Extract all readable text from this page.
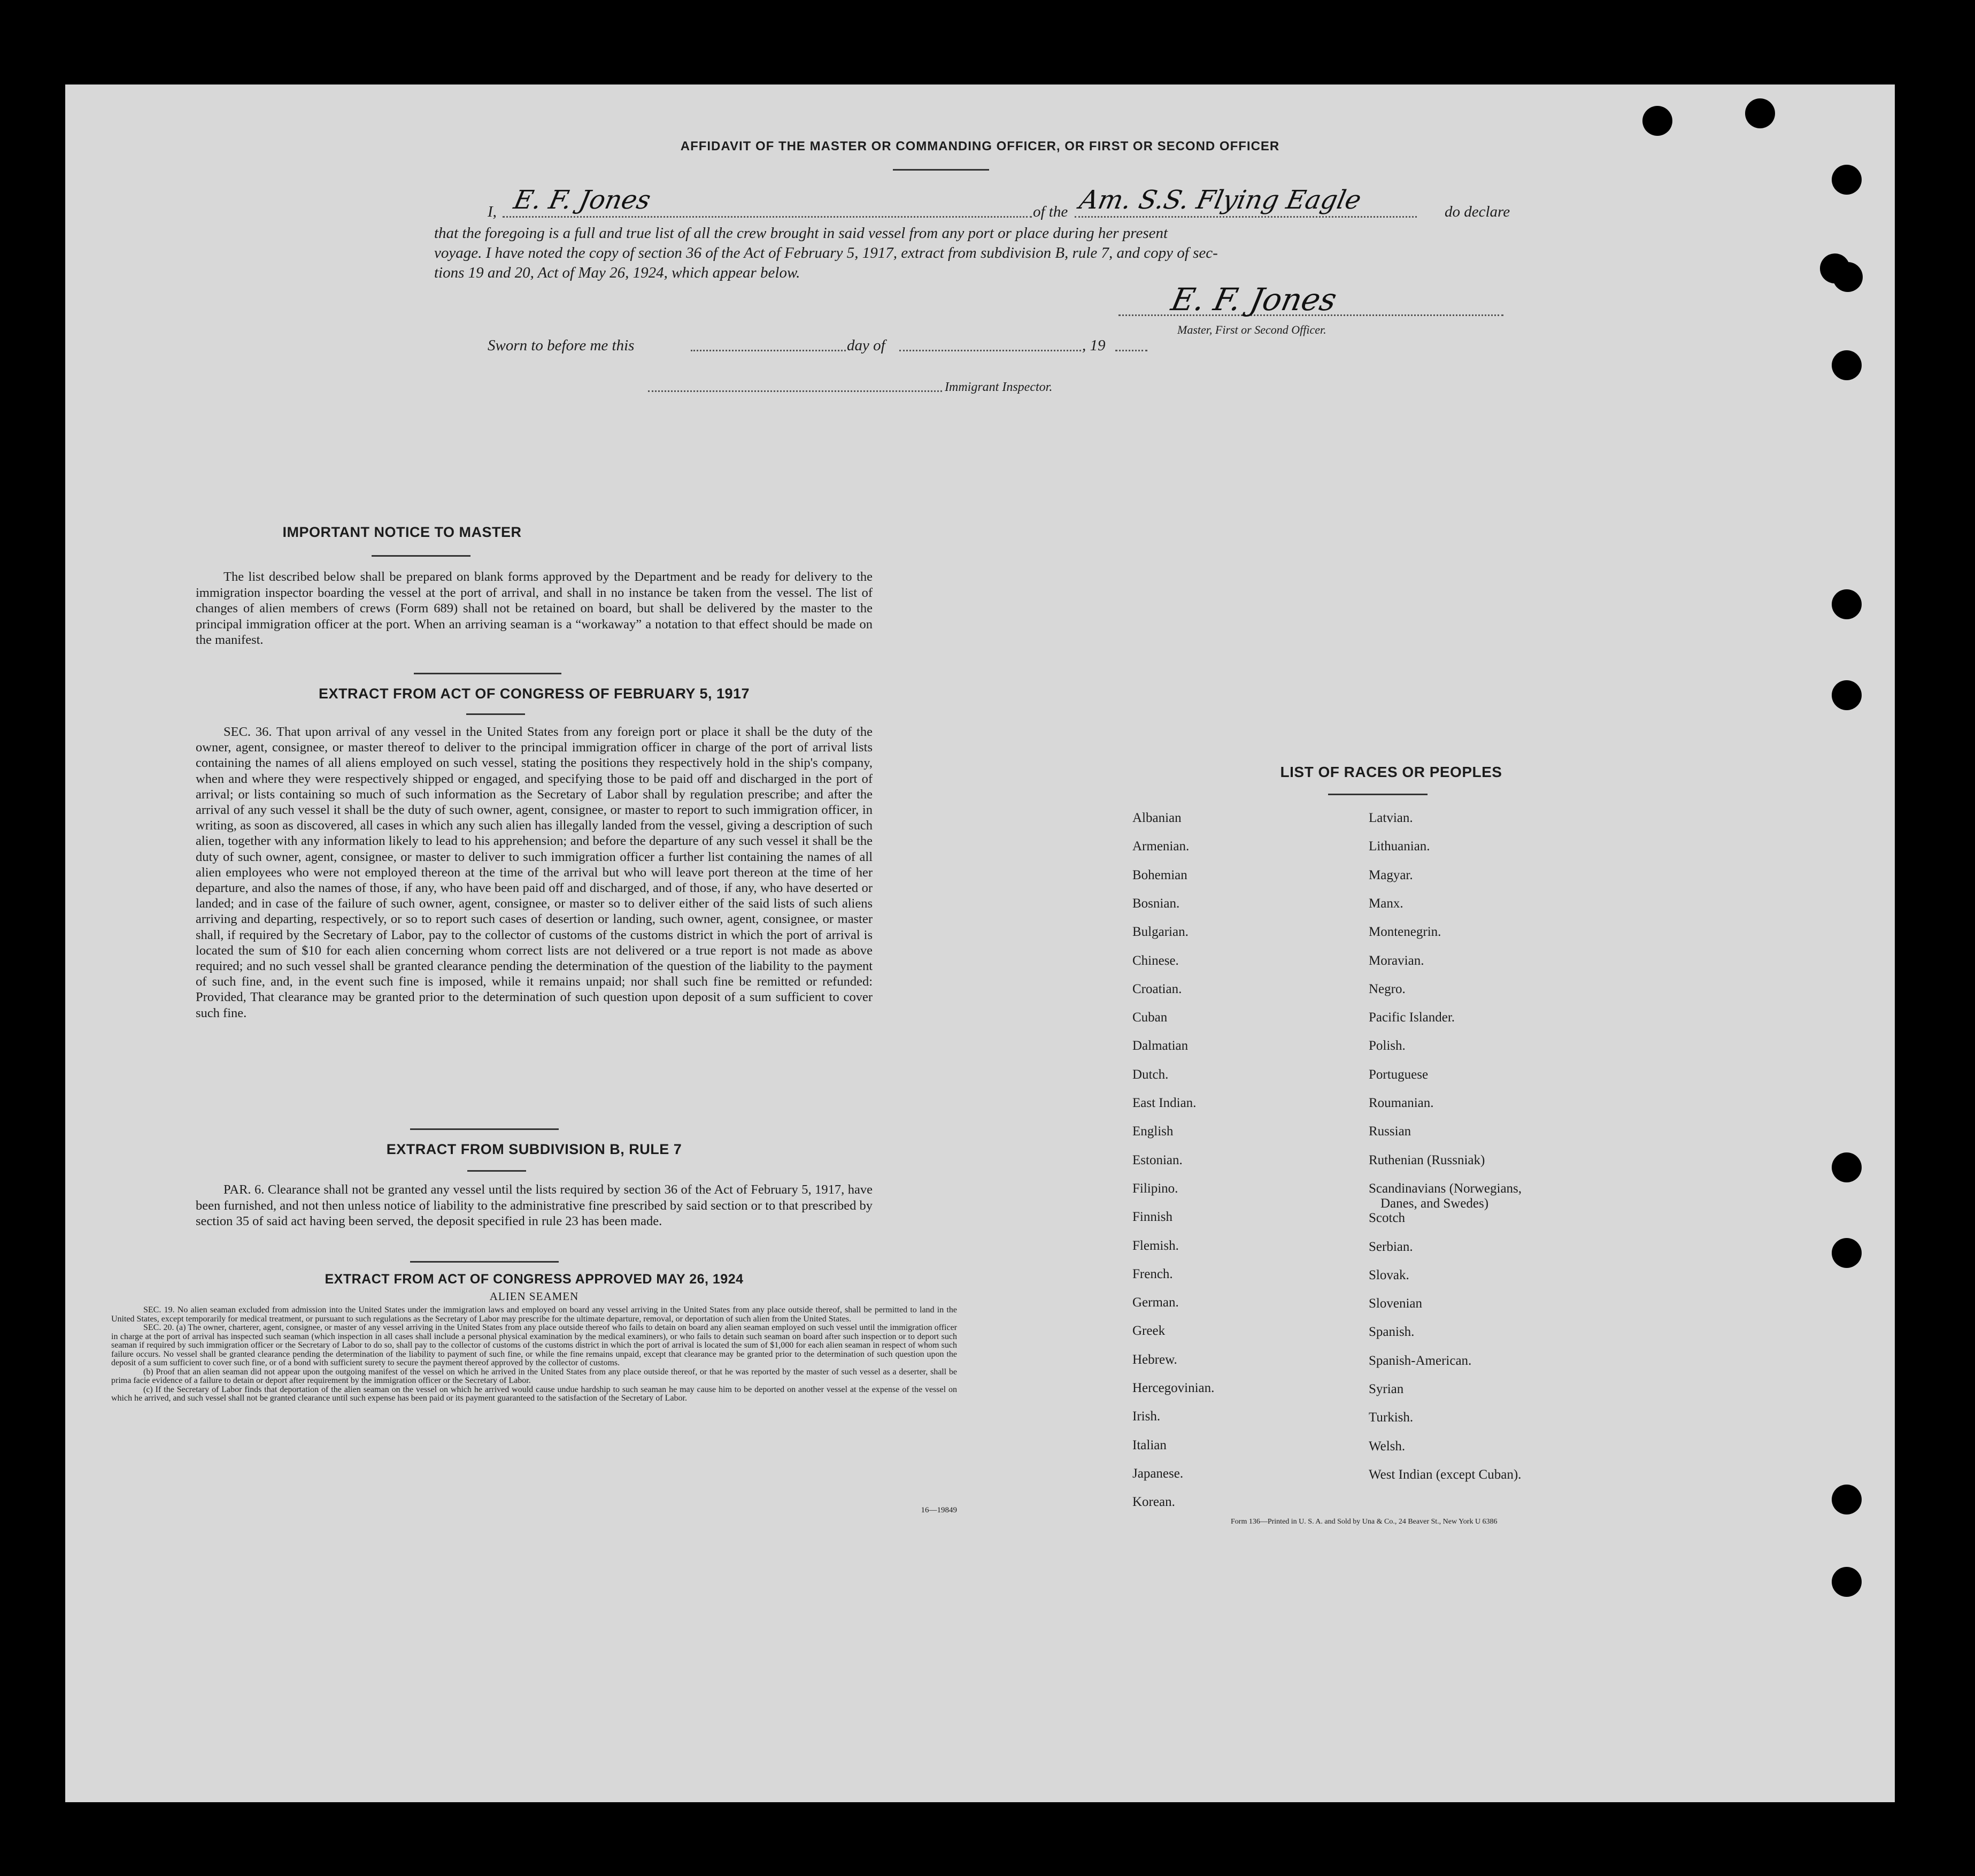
AFFIDAVIT OF THE MASTER OR COMMANDING OFFICER, OR FIRST OR SECOND OFFICER
I, E. F. Jones	of the Am. S.S. Flying Eagle	do declare
that the foregoing is a full and true list of all the crew brought in said vessel from any port or place during her present
voyage. I have noted the copy of section 36 of the Act of February 5, 1917, extract from subdivision B, rule 7, and copy of sec-
tions 19 and 20, Act of May 26, 1924, which appear below.
E. F. Jones
Master, First or Second Officer.
Sworn to before me this	day of	, 19
Immigrant Inspector.
IMPORTANT NOTICE TO MASTER
The list described below shall be prepared on blank forms approved by the Department and be ready for delivery to the immigration inspector boarding the vessel at the port of arrival, and shall in no instance be taken from the vessel. The list of changes of alien members of crews (Form 689) shall not be retained on board, but shall be delivered by the master to the principal immigration officer at the port. When an arriving seaman is a “workaway” a notation to that effect should be made on the manifest.
EXTRACT FROM ACT OF CONGRESS OF FEBRUARY 5, 1917
SEC. 36. That upon arrival of any vessel in the United States from any foreign port or place it shall be the duty of the owner, agent, consignee, or master thereof to deliver to the principal immigration officer in charge of the port of arrival lists containing the names of all aliens employed on such vessel, stating the positions they respectively hold in the ship's company, when and where they were respectively shipped or engaged, and specifying those to be paid off and discharged in the port of arrival; or lists containing so much of such information as the Secretary of Labor shall by regulation prescribe; and after the arrival of any such vessel it shall be the duty of such owner, agent, consignee, or master to report to such immigration officer, in writing, as soon as discovered, all cases in which any such alien has illegally landed from the vessel, giving a description of such alien, together with any information likely to lead to his apprehension; and before the departure of any such vessel it shall be the duty of such owner, agent, consignee, or master to deliver to such immigration officer a further list containing the names of all alien employees who were not employed thereon at the time of the arrival but who will leave port thereon at the time of her departure, and also the names of those, if any, who have been paid off and discharged, and of those, if any, who have deserted or landed; and in case of the failure of such owner, agent, consignee, or master so to deliver either of the said lists of such aliens arriving and departing, respectively, or so to report such cases of desertion or landing, such owner, agent, consignee, or master shall, if required by the Secretary of Labor, pay to the collector of customs of the customs district in which the port of arrival is located the sum of $10 for each alien concerning whom correct lists are not delivered or a true report is not made as above required; and no such vessel shall be granted clearance pending the determination of the question of the liability to the payment of such fine, and, in the event such fine is imposed, while it remains unpaid; nor shall such fine be remitted or refunded: Provided, That clearance may be granted prior to the determination of such question upon deposit of a sum sufficient to cover such fine.
EXTRACT FROM SUBDIVISION B, RULE 7
PAR. 6. Clearance shall not be granted any vessel until the lists required by section 36 of the Act of February 5, 1917, have been furnished, and not then unless notice of liability to the administrative fine prescribed by said section or to that prescribed by section 35 of said act having been served, the deposit specified in rule 23 has been made.
EXTRACT FROM ACT OF CONGRESS APPROVED MAY 26, 1924
ALIEN SEAMEN

SEC. 19. No alien seaman excluded from admission into the United States under the immigration laws and employed on board any vessel arriving in the United States from any place outside thereof, shall be permitted to land in the United States, except temporarily for medical treatment, or pursuant to such regulations as the Secretary of Labor may prescribe for the ultimate departure, removal, or deportation of such alien from the United States.

SEC. 20. (a) The owner, charterer, agent, consignee, or master of any vessel arriving in the United States from any place outside thereof who fails to detain on board any alien seaman employed on such vessel until the immigration officer in charge at the port of arrival has inspected such seaman (which inspection in all cases shall include a personal physical examination by the medical examiners), or who fails to detain such seaman on board after such inspection or to deport such seaman if required by such immigration officer or the Secretary of Labor to do so, shall pay to the collector of customs of the customs district in which the port of arrival is located the sum of $1,000 for each alien seaman in respect of whom such failure occurs. No vessel shall be granted clearance pending the determination of the liability to payment of such fine, or while the fine remains unpaid, except that clearance may be granted prior to the determination of such question upon the deposit of a sum sufficient to cover such fine, or of a bond with sufficient surety to secure the payment thereof approved by the collector of customs.

(b) Proof that an alien seaman did not appear upon the outgoing manifest of the vessel on which he arrived in the United States from any place outside thereof, or that he was reported by the master of such vessel as a deserter, shall be prima facie evidence of a failure to detain or deport after requirement by the immigration officer or the Secretary of Labor.

(c) If the Secretary of Labor finds that deportation of the alien seaman on the vessel on which he arrived would cause undue hardship to such seaman he may cause him to be deported on another vessel at the expense of the vessel on which he arrived, and such vessel shall not be granted clearance until such expense has been paid or its payment guaranteed to the satisfaction of the Secretary of Labor.

16—19849
LIST OF RACES OR PEOPLES
Albanian
Armenian.
Bohemian
Bosnian.
Bulgarian.
Chinese.
Croatian.
Cuban
Dalmatian
Dutch.
East Indian.
English
Estonian.
Filipino.
Finnish
Flemish.
French.
German.
Greek
Hebrew.
Hercegovinian.
Irish.
Italian
Japanese.
Korean.
Latvian.
Lithuanian.
Magyar.
Manx.
Montenegrin.
Moravian.
Negro.
Pacific Islander.
Polish.
Portuguese
Roumanian.
Russian
Ruthenian (Russniak)
Scandinavians (Norwegians,
Scotch
Serbian.
Slovak.
Slovenian
Spanish.
Spanish-American.
Syrian
Turkish.
Welsh.
West Indian (except Cuban).
Danes, and Swedes)
Form 136—Printed in U. S. A. and Sold by Una & Co., 24 Beaver St., New York U 6386
